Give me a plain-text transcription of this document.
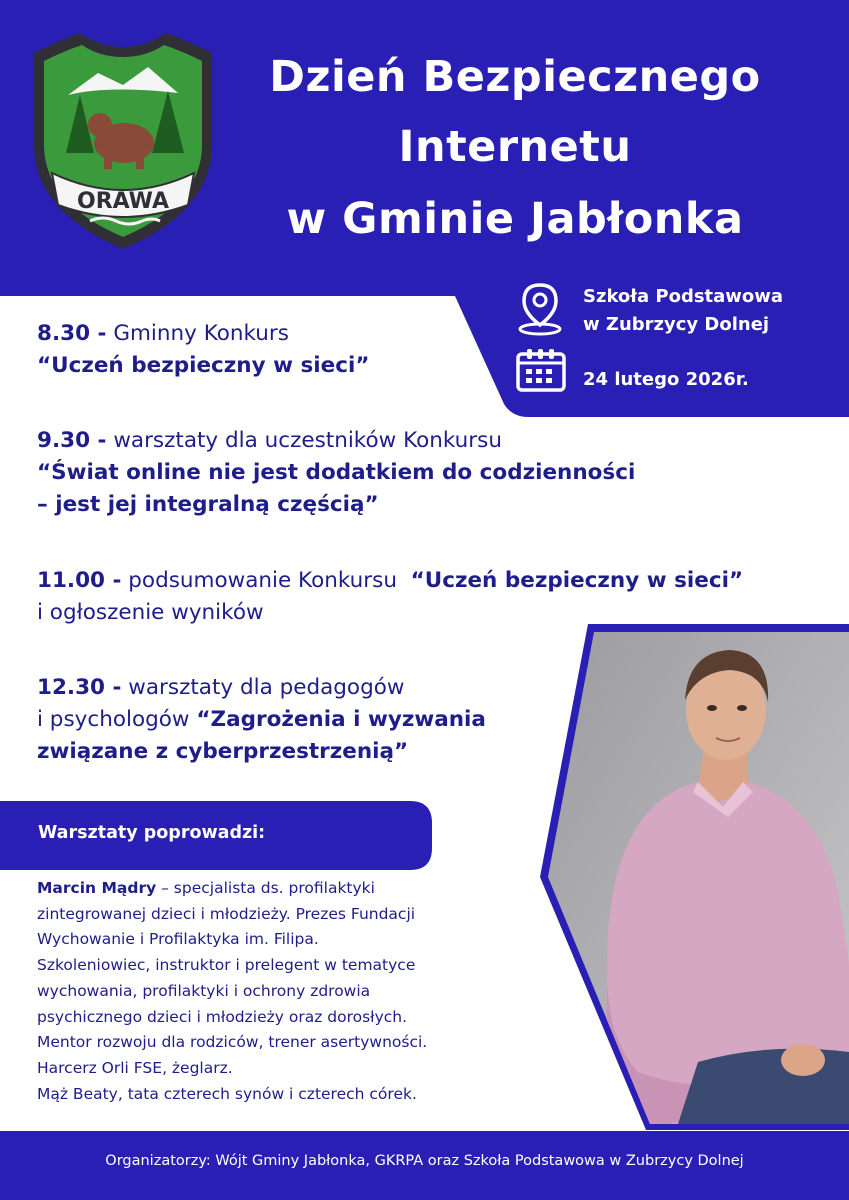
ORAWA
Dzień Bezpiecznego
Internetu
w Gminie Jabłonka
Szkoła Podstawowa
w Zubrzycy Dolnej
24 lutego 2026r.
8.30 - Gminny Konkurs
“Uczeń bezpieczny w sieci”
9.30 - warsztaty dla uczestników Konkursu
“Świat online nie jest dodatkiem do codzienności
– jest jej integralną częścią”
11.00 - podsumowanie Konkursu “Uczeń bezpieczny w sieci”
i ogłoszenie wyników
12.30 - warsztaty dla pedagogów
i psychologów “Zagrożenia i wyzwania
związane z cyberprzestrzenią”
Warsztaty poprowadzi:
Marcin Mądry – specjalista ds. profilaktyki
zintegrowanej dzieci i młodzieży. Prezes Fundacji
Wychowanie i Profilaktyka im. Filipa.
Szkoleniowiec, instruktor i prelegent w tematyce
wychowania, profilaktyki i ochrony zdrowia
psychicznego dzieci i młodzieży oraz dorosłych.
Mentor rozwoju dla rodziców, trener asertywności.
Harcerz Orli FSE, żeglarz.
Mąż Beaty, tata czterech synów i czterech córek.
Organizatorzy: Wójt Gminy Jabłonka, GKRPA oraz Szkoła Podstawowa w Zubrzycy Dolnej
